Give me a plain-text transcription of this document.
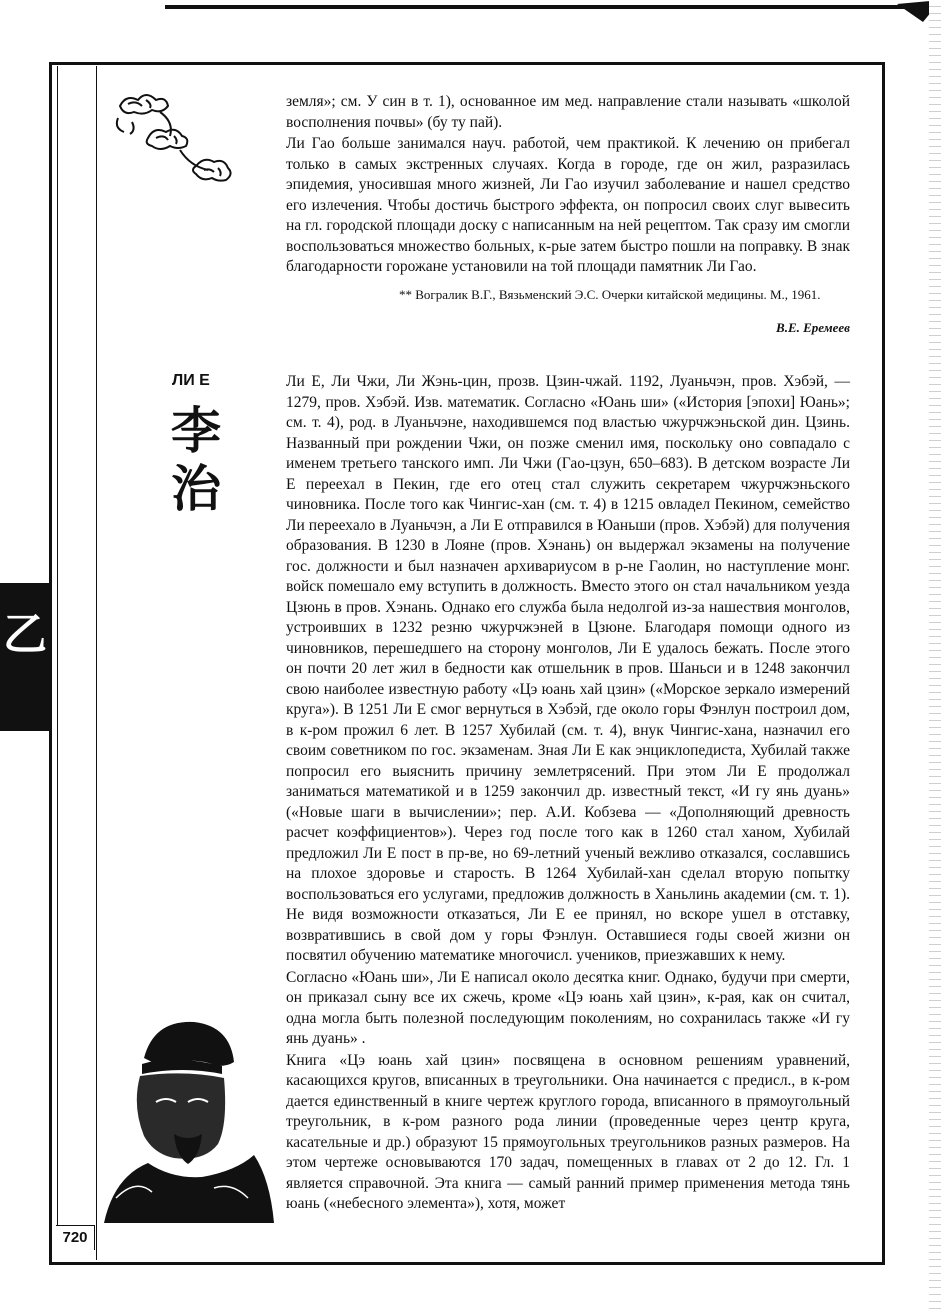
乙
720

земля»; см. У син в т. 1), основанное им мед. направление стали называть «школой восполнения почвы» (бу ту пай).

Ли Гао больше занимался науч. работой, чем практикой. К лечению он прибегал только в самых экстренных случаях. Когда в городе, где он жил, разразилась эпидемия, уносившая много жизней, Ли Гао изучил заболевание и нашел средство его излечения. Чтобы достичь быстрого эффекта, он попросил своих слуг вывесить на гл. городской площади доску с написанным на ней рецептом. Так сразу им смогли воспользоваться множество больных, к-рые затем быстро пошли на поправку. В знак благодарности горожане установили на той площади памятник Ли Гао.

** Вогралик В.Г., Вязьменский Э.С. Очерки китайской медицины. М., 1961.
В.Е. Еремеев
ЛИ Е
李
治

Ли Е, Ли Чжи, Ли Жэнь-цин, прозв. Цзин-чжай. 1192, Луаньчэн, пров. Хэбэй, — 1279, пров. Хэбэй. Изв. математик. Согласно «Юань ши» («История [эпохи] Юань»; см. т. 4), род. в Луаньчэне, находившемся под властью чжурчжэньской дин. Цзинь. Названный при рождении Чжи, он позже сменил имя, поскольку оно совпадало с именем третьего танского имп. Ли Чжи (Гао-цзун, 650–683). В детском возрасте Ли Е переехал в Пекин, где его отец стал служить секретарем чжурчжэньского чиновника. После того как Чингис-хан (см. т. 4) в 1215 овладел Пекином, семейство Ли переехало в Луаньчэн, а Ли Е отправился в Юаньши (пров. Хэбэй) для получения образования. В 1230 в Лояне (пров. Хэнань) он выдержал экзамены на получение гос. должности и был назначен архивариусом в р-не Гаолин, но наступление монг. войск помешало ему вступить в должность. Вместо этого он стал начальником уезда Цзюнь в пров. Хэнань. Однако его служба была недолгой из-за нашествия монголов, устроивших в 1232 резню чжурчжэней в Цзюне. Благодаря помощи одного из чиновников, перешедшего на сторону монголов, Ли Е удалось бежать. После этого он почти 20 лет жил в бедности как отшельник в пров. Шаньси и в 1248 закончил свою наиболее известную работу «Цэ юань хай цзин» («Морское зеркало измерений круга»). В 1251 Ли Е смог вернуться в Хэбэй, где около горы Фэнлун построил дом, в к-ром прожил 6 лет. В 1257 Хубилай (см. т. 4), внук Чингис-хана, назначил его своим советником по гос. экзаменам. Зная Ли Е как энциклопедиста, Хубилай также попросил его выяснить причину землетрясений. При этом Ли Е продолжал заниматься математикой и в 1259 закончил др. известный текст, «И гу янь дуань» («Новые шаги в вычислении»; пер. А.И. Кобзева — «Дополняющий древность расчет коэффициентов»). Через год после того как в 1260 стал ханом, Хубилай предложил Ли Е пост в пр-ве, но 69-летний ученый вежливо отказался, сославшись на плохое здоровье и старость. В 1264 Хубилай-хан сделал вторую попытку воспользоваться его услугами, предложив должность в Ханьлинь академии (см. т. 1). Не видя возможности отказаться, Ли Е ее принял, но вскоре ушел в отставку, возвратившись в свой дом у горы Фэнлун. Оставшиеся годы своей жизни он посвятил обучению математике многочисл. учеников, приезжавших к нему.

Согласно «Юань ши», Ли Е написал около десятка книг. Однако, будучи при смерти, он приказал сыну все их сжечь, кроме «Цэ юань хай цзин», к-рая, как он считал, одна могла быть полезной последующим поколениям, но сохранилась также «И гу янь дуань» .

Книга «Цэ юань хай цзин» посвящена в основном решениям уравнений, касающихся кругов, вписанных в треугольники. Она начинается с предисл., в к-ром дается единственный в книге чертеж круглого города, вписанного в прямоугольный треугольник, в к-ром разного рода линии (проведенные через центр круга, касательные и др.) образуют 15 прямоугольных треугольников разных размеров. На этом чертеже основываются 170 задач, помещенных в главах от 2 до 12. Гл. 1 является справочной. Эта книга — самый ранний пример применения метода тянь юань («небесного элемента»), хотя, может
